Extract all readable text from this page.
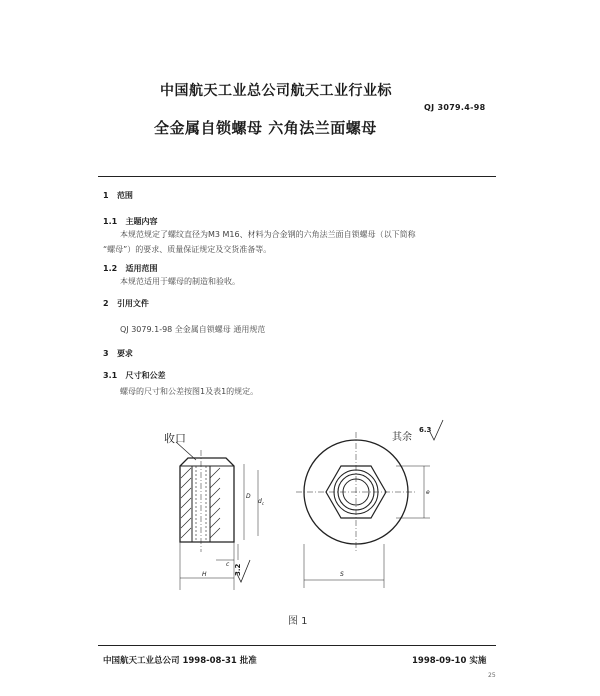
中国航天工业总公司航天工业行业标
QJ 3079.4-98
全金属自锁螺母 六角法兰面螺母
1 范围
1.1 主题内容
本规范规定了螺纹直径为M3 M16、材料为合金钢的六角法兰面自锁螺母（以下简称
“螺母”）的要求、质量保证规定及交货准备等。
1.2 适用范围
本规范适用于螺母的制造和验收。
2 引用文件
QJ 3079.1-98 全金属自锁螺母 通用规范
3 要求
3.1 尺寸和公差
螺母的尺寸和公差按图1及表1的规定。
收口	其余
6.3
D
$d_c$
e
H
c
S
3.2
图 1
中国航天工业总公司 1998-08-31 批准	1998-09-10 实施
25
